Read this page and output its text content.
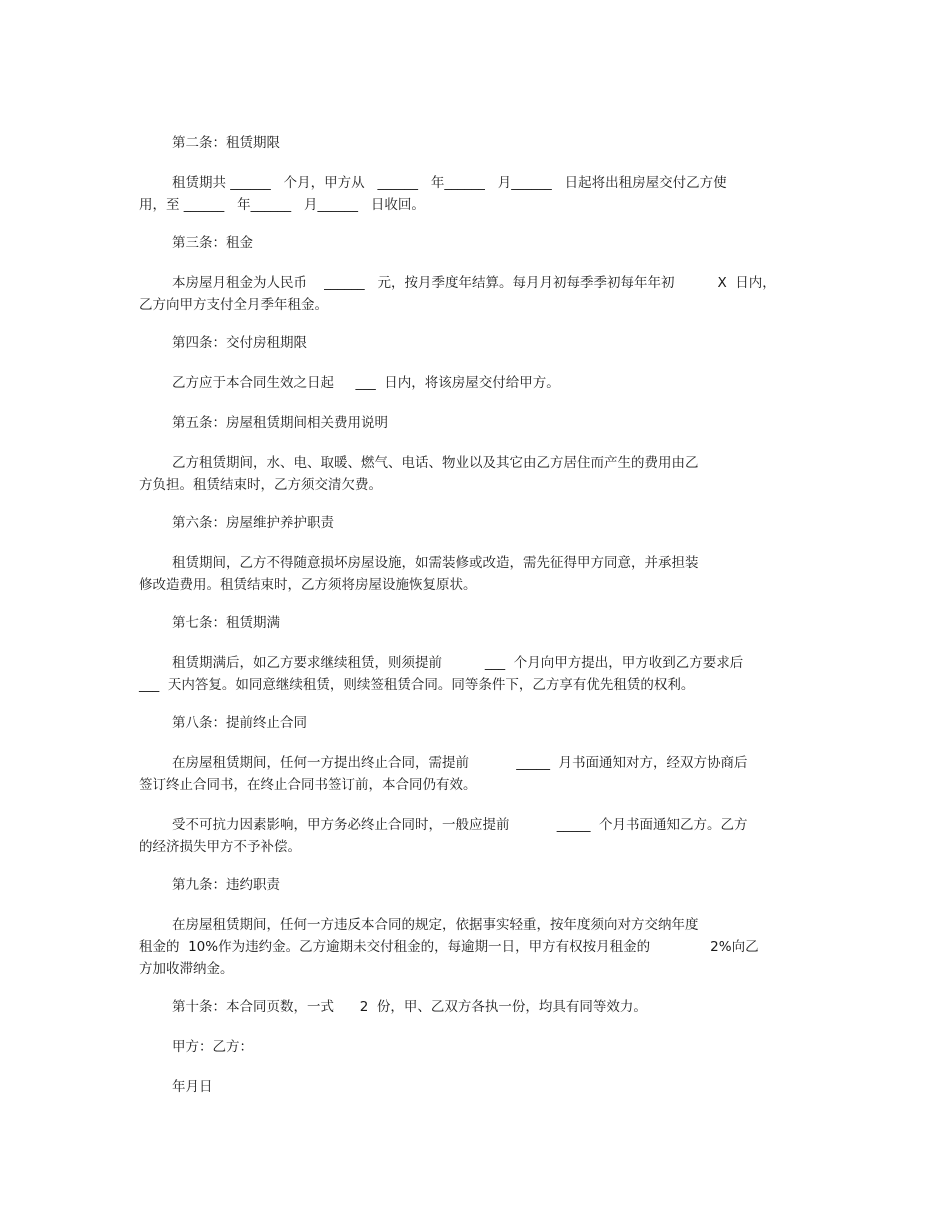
第二条：租赁期限

租赁期共 ______   个月，甲方从   ______   年______   月______   日起将出租房屋交付乙方使

用，至 ______   年______   月______   日收回。

第三条：租金

本房屋月租金为人民币    ______   元，按月季度年结算。每月月初每季季初每年年初          X  日内，

乙方向甲方支付全月季年租金。

第四条：交付房租期限

乙方应于本合同生效之日起     ___  日内，将该房屋交付给甲方。

第五条：房屋租赁期间相关费用说明

乙方租赁期间，水、电、取暖、燃气、电话、物业以及其它由乙方居住而产生的费用由乙

方负担。租赁结束时，乙方须交清欠费。

第六条：房屋维护养护职责

租赁期间，乙方不得随意损坏房屋设施，如需装修或改造，需先征得甲方同意，并承担装

修改造费用。租赁结束时，乙方须将房屋设施恢复原状。

第七条：租赁期满

租赁期满后，如乙方要求继续租赁，则须提前          ___  个月向甲方提出，甲方收到乙方要求后

___  天内答复。如同意继续租赁，则续签租赁合同。同等条件下，乙方享有优先租赁的权利。

第八条：提前终止合同

在房屋租赁期间，任何一方提出终止合同，需提前           _____  月书面通知对方，经双方协商后

签订终止合同书，在终止合同书签订前，本合同仍有效。

受不可抗力因素影响，甲方务必终止合同时，一般应提前           _____  个月书面通知乙方。乙方

的经济损失甲方不予补偿。

第九条：违约职责

在房屋租赁期间，任何一方违反本合同的规定，依据事实轻重，按年度须向对方交纳年度

租金的  10%作为违约金。乙方逾期未交付租金的，每逾期一日，甲方有权按月租金的              2%向乙

方加收滞纳金。

第十条：本合同页数，一式      2  份，甲、乙双方各执一份，均具有同等效力。

甲方：乙方：

年月日
